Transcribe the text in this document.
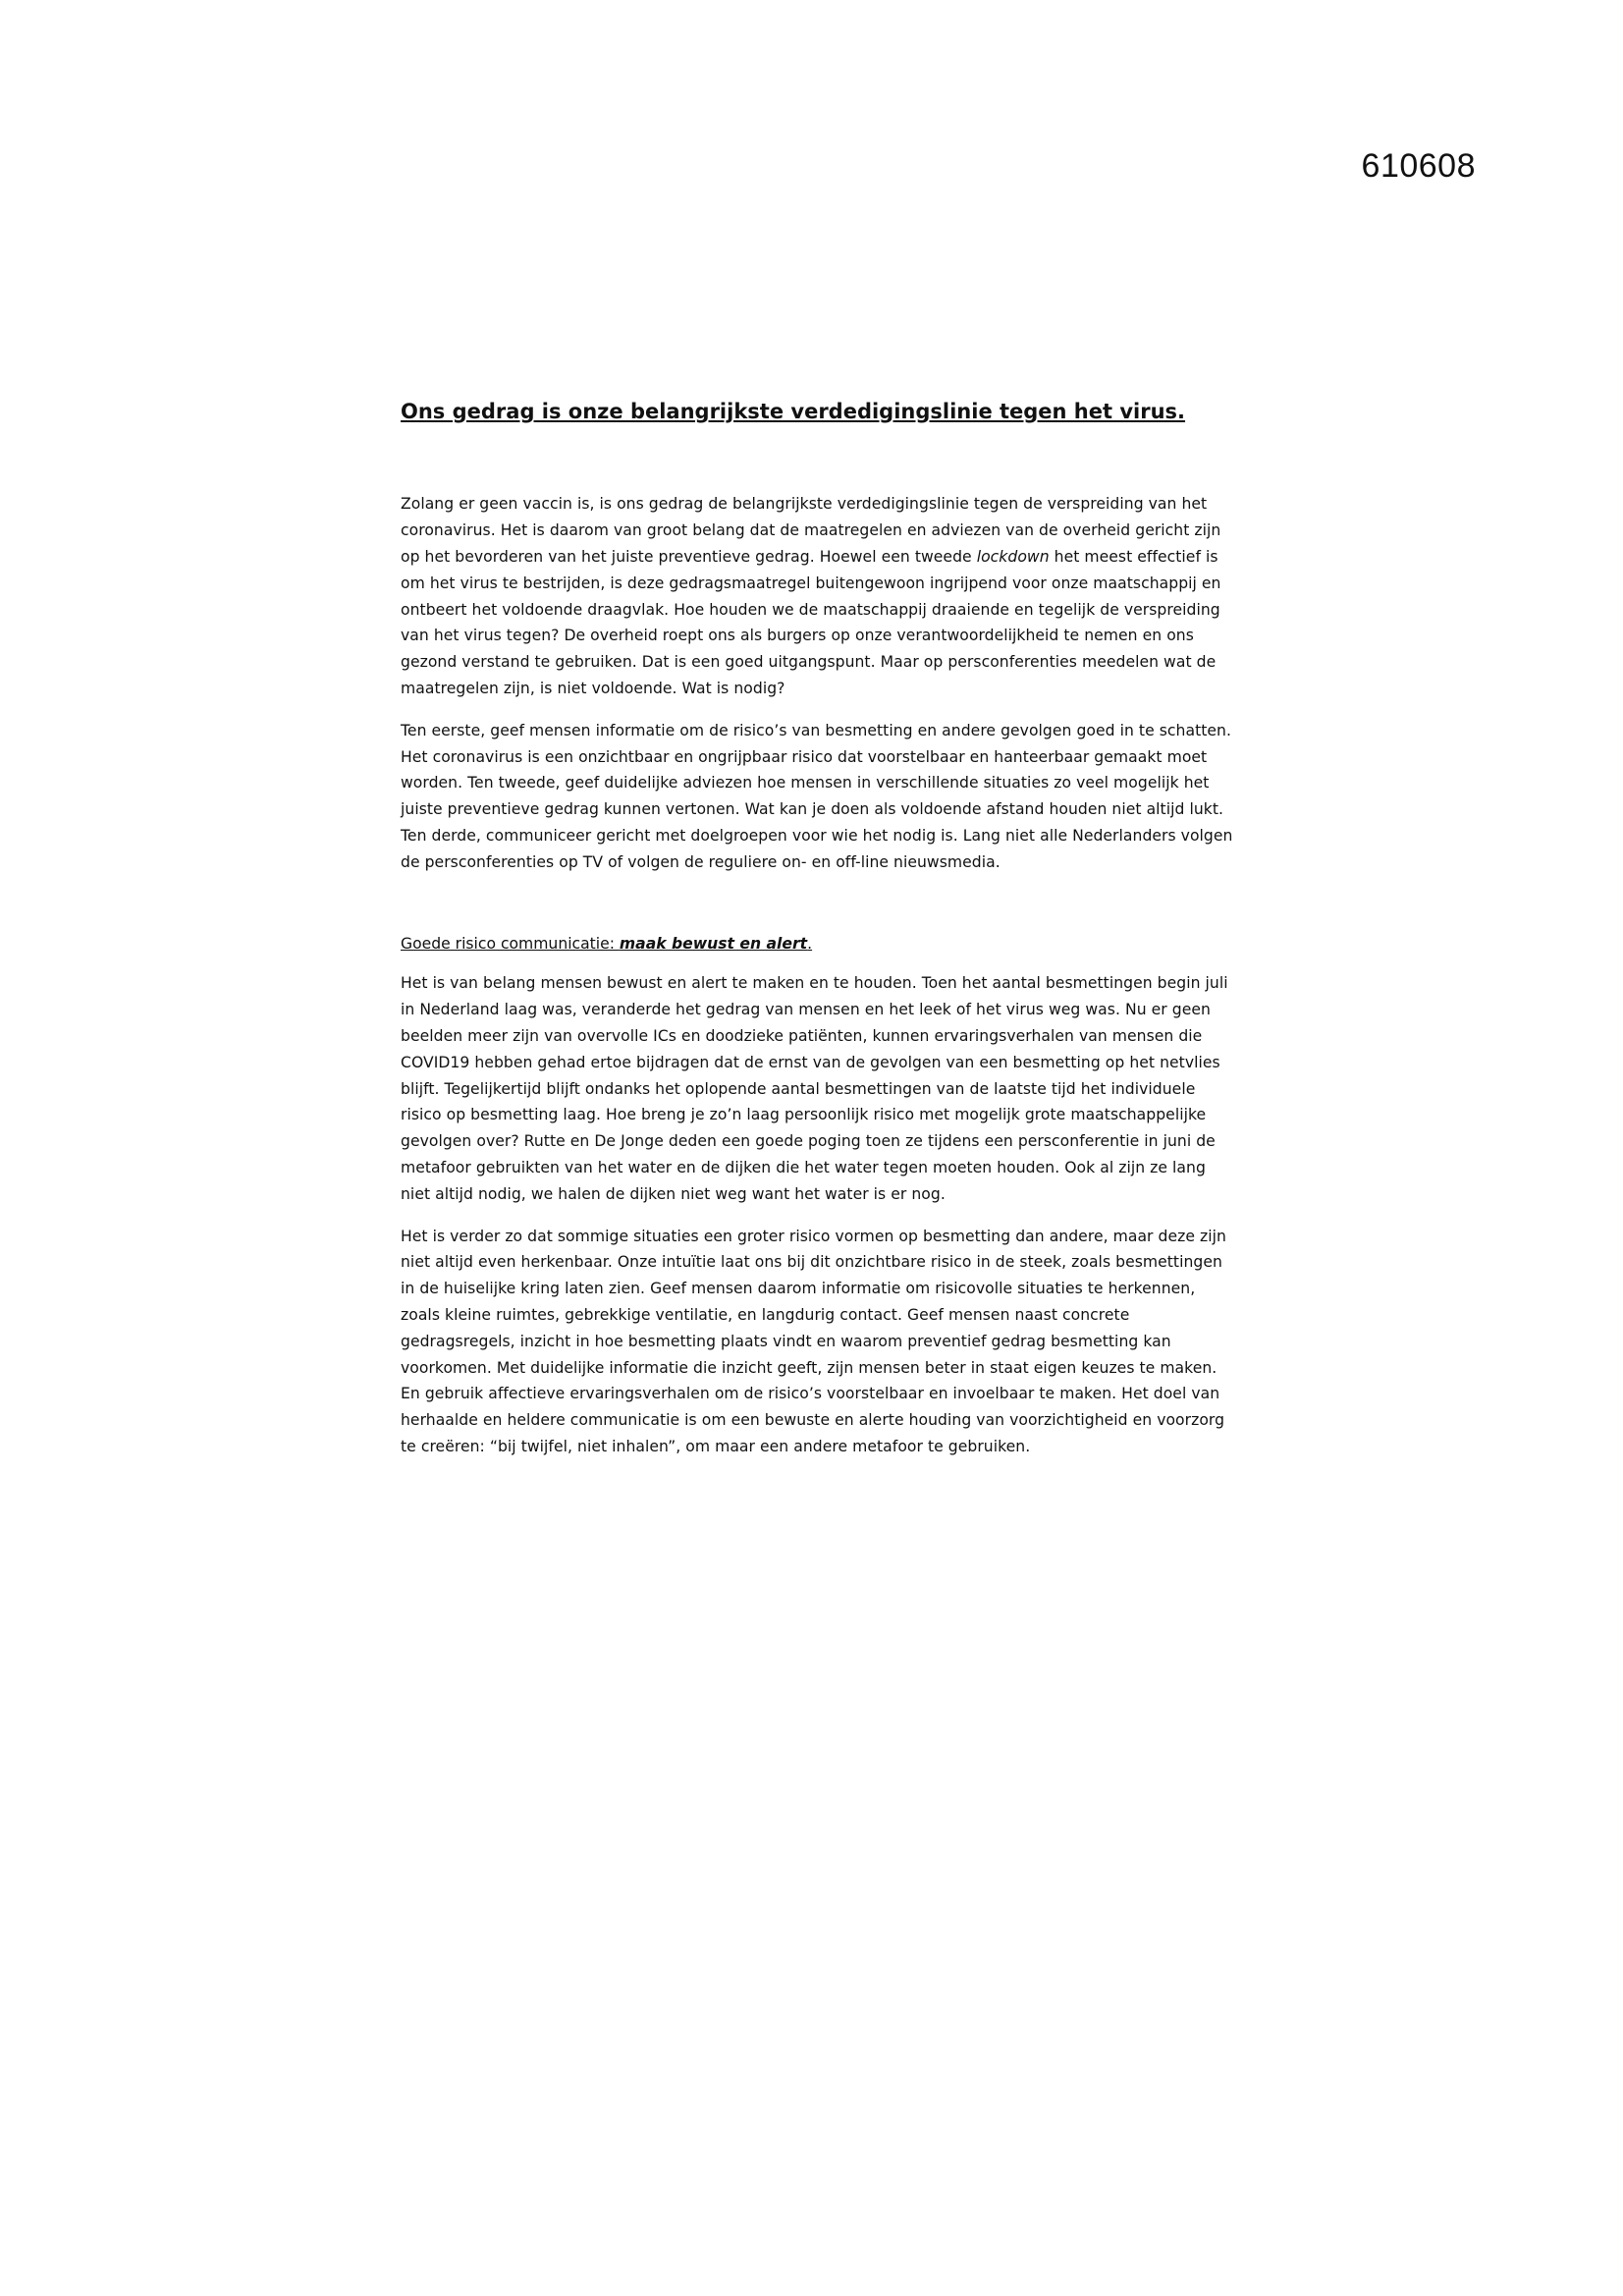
610608
Ons gedrag is onze belangrijkste verdedigingslinie tegen het virus.

Zolang er geen vaccin is, is ons gedrag de belangrijkste verdedigingslinie tegen de verspreiding van het coronavirus. Het is daarom van groot belang dat de maatregelen en adviezen van de overheid gericht zijn op het bevorderen van het juiste preventieve gedrag. Hoewel een tweede lockdown het meest effectief is om het virus te bestrijden, is deze gedragsmaatregel buitengewoon ingrijpend voor onze maatschappij en ontbeert het voldoende draagvlak. Hoe houden we de maatschappij draaiende en tegelijk de verspreiding van het virus tegen? De overheid roept ons als burgers op onze verantwoordelijkheid te nemen en ons gezond verstand te gebruiken. Dat is een goed uitgangspunt. Maar op persconferenties meedelen wat de maatregelen zijn, is niet voldoende. Wat is nodig?

Ten eerste, geef mensen informatie om de risico’s van besmetting en andere gevolgen goed in te schatten. Het coronavirus is een onzichtbaar en ongrijpbaar risico dat voorstelbaar en hanteerbaar gemaakt moet worden. Ten tweede, geef duidelijke adviezen hoe mensen in verschillende situaties zo veel mogelijk het juiste preventieve gedrag kunnen vertonen. Wat kan je doen als voldoende afstand houden niet altijd lukt. Ten derde, communiceer gericht met doelgroepen voor wie het nodig is. Lang niet alle Nederlanders volgen de persconferenties op TV of volgen de reguliere on- en off-line nieuwsmedia.

Goede risico communicatie: maak bewust en alert.

Het is van belang mensen bewust en alert te maken en te houden. Toen het aantal besmettingen begin juli in Nederland laag was, veranderde het gedrag van mensen en het leek of het virus weg was. Nu er geen beelden meer zijn van overvolle ICs en doodzieke patiënten, kunnen ervaringsverhalen van mensen die COVID19 hebben gehad ertoe bijdragen dat de ernst van de gevolgen van een besmetting op het netvlies blijft. Tegelijkertijd blijft ondanks het oplopende aantal besmettingen van de laatste tijd het individuele risico op besmetting laag. Hoe breng je zo’n laag persoonlijk risico met mogelijk grote maatschappelijke gevolgen over? Rutte en De Jonge deden een goede poging toen ze tijdens een persconferentie in juni de metafoor gebruikten van het water en de dijken die het water tegen moeten houden. Ook al zijn ze lang niet altijd nodig, we halen de dijken niet weg want het water is er nog.

Het is verder zo dat sommige situaties een groter risico vormen op besmetting dan andere, maar deze zijn niet altijd even herkenbaar. Onze intuïtie laat ons bij dit onzichtbare risico in de steek, zoals besmettingen in de huiselijke kring laten zien. Geef mensen daarom informatie om risicovolle situaties te herkennen, zoals kleine ruimtes, gebrekkige ventilatie, en langdurig contact. Geef mensen naast concrete gedragsregels, inzicht in hoe besmetting plaats vindt en waarom preventief gedrag besmetting kan voorkomen. Met duidelijke informatie die inzicht geeft, zijn mensen beter in staat eigen keuzes te maken. En gebruik affectieve ervaringsverhalen om de risico’s voorstelbaar en invoelbaar te maken. Het doel van herhaalde en heldere communicatie is om een bewuste en alerte houding van voorzichtigheid en voorzorg te creëren: “bij twijfel, niet inhalen”, om maar een andere metafoor te gebruiken.
